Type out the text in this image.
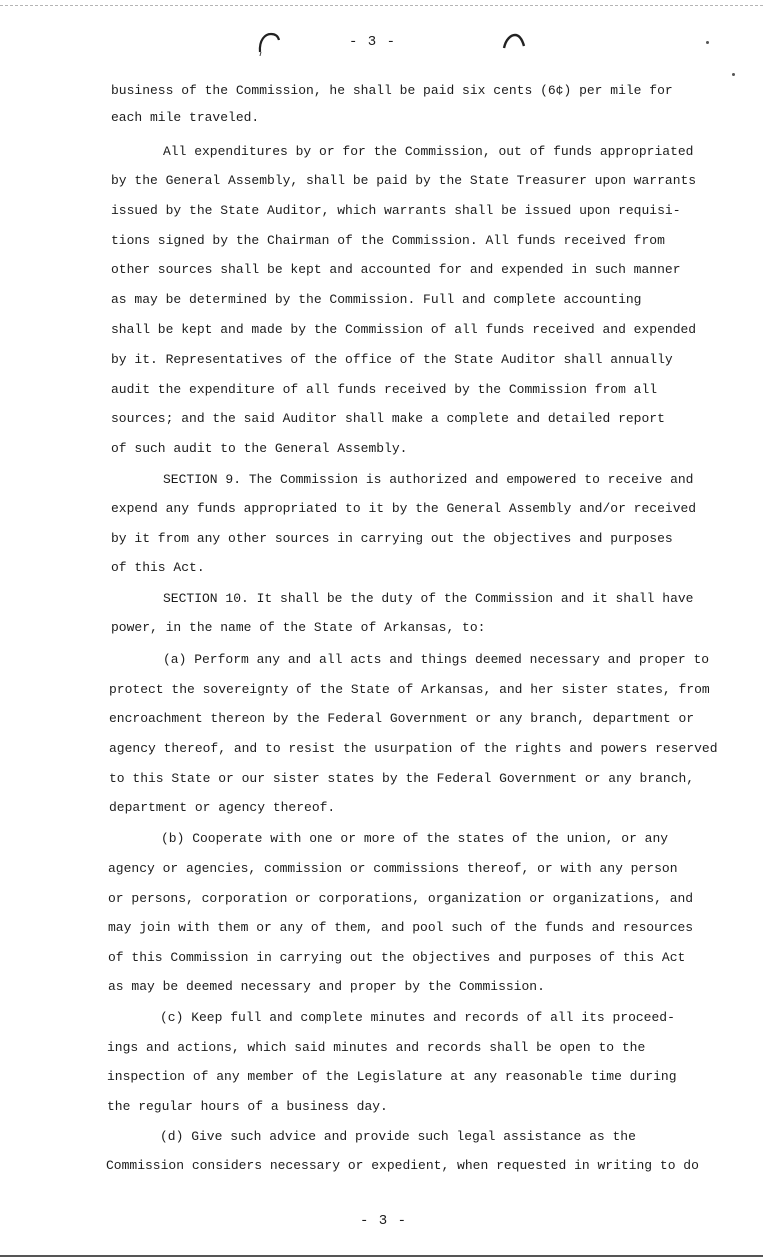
- 3 -
business of the Commission, he shall be paid six cents (6¢) per mile for
each mile traveled.
All expenditures by or for the Commission, out of funds appropriated
by the General Assembly, shall be paid by the State Treasurer upon warrants
issued by the State Auditor, which warrants shall be issued upon requisi-
tions signed by the Chairman of the Commission. All funds received from
other sources shall be kept and accounted for and expended in such manner
as may be determined by the Commission. Full and complete accounting
shall be kept and made by the Commission of all funds received and expended
by it. Representatives of the office of the State Auditor shall annually
audit the expenditure of all funds received by the Commission from all
sources; and the said Auditor shall make a complete and detailed report
of such audit to the General Assembly.
SECTION 9. The Commission is authorized and empowered to receive and
expend any funds appropriated to it by the General Assembly and/or received
by it from any other sources in carrying out the objectives and purposes
of this Act.
SECTION 10. It shall be the duty of the Commission and it shall have
power, in the name of the State of Arkansas, to:
(a) Perform any and all acts and things deemed necessary and proper to
protect the sovereignty of the State of Arkansas, and her sister states, from
encroachment thereon by the Federal Government or any branch, department or
agency thereof, and to resist the usurpation of the rights and powers reserved
to this State or our sister states by the Federal Government or any branch,
department or agency thereof.
(b) Cooperate with one or more of the states of the union, or any
agency or agencies, commission or commissions thereof, or with any person
or persons, corporation or corporations, organization or organizations, and
may join with them or any of them, and pool such of the funds and resources
of this Commission in carrying out the objectives and purposes of this Act
as may be deemed necessary and proper by the Commission.
(c) Keep full and complete minutes and records of all its proceed-
ings and actions, which said minutes and records shall be open to the
inspection of any member of the Legislature at any reasonable time during
the regular hours of a business day.
(d) Give such advice and provide such legal assistance as the
Commission considers necessary or expedient, when requested in writing to do
- 3 -
